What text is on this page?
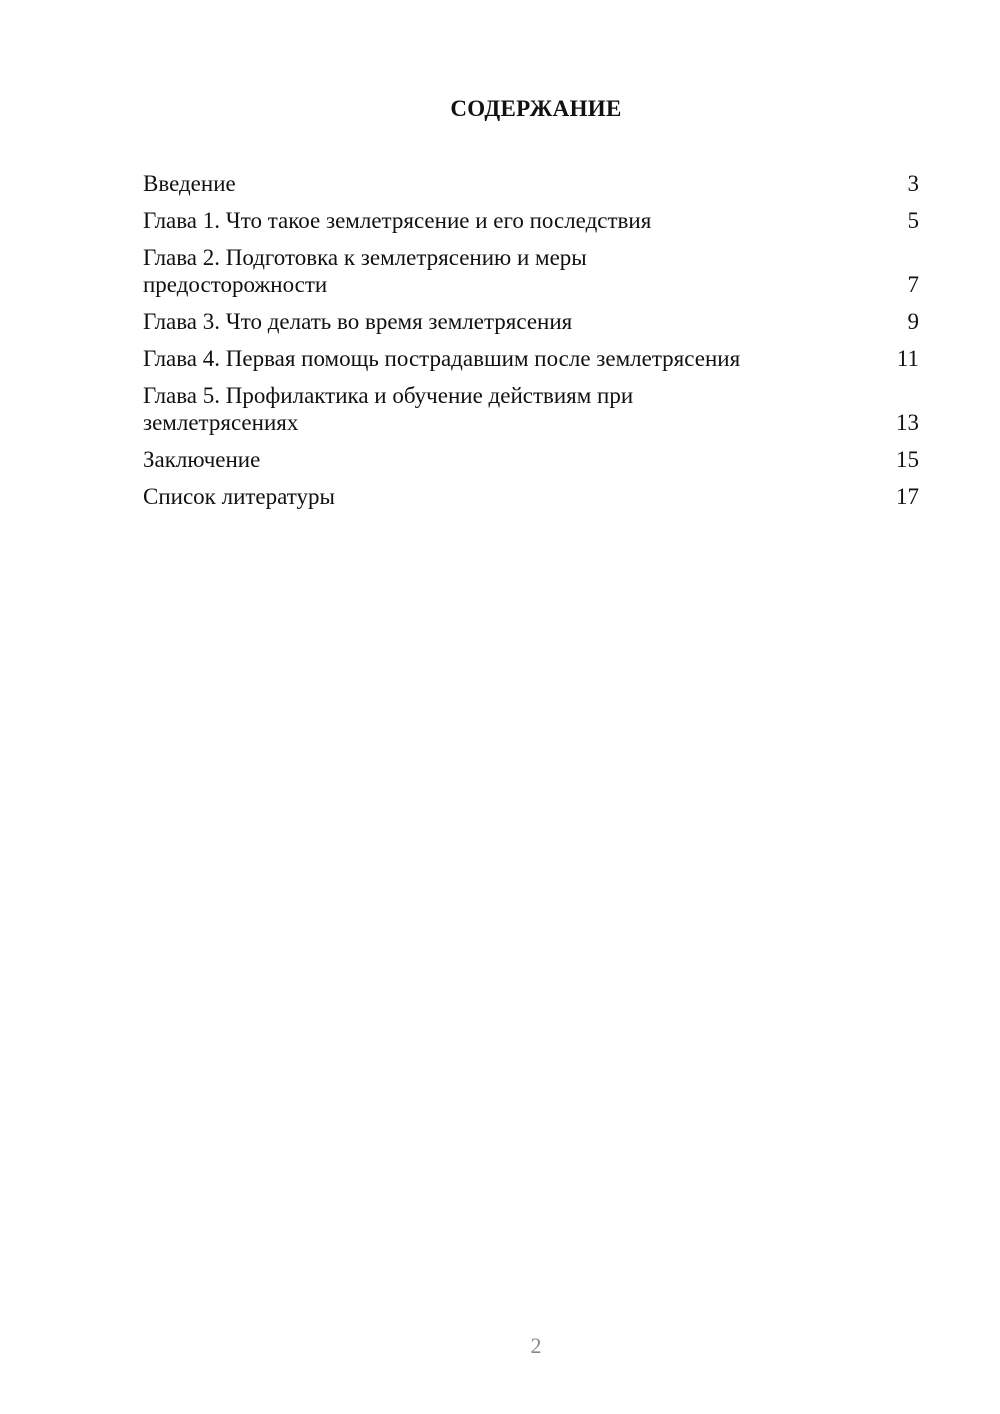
СОДЕРЖАНИЕ
Введение	3
Глава 1. Что такое землетрясение и его последствия	5
Глава 2. Подготовка к землетрясению и меры предосторожности	7
Глава 3. Что делать во время землетрясения	9
Глава 4. Первая помощь пострадавшим после землетрясения	11
Глава 5. Профилактика и обучение действиям при землетрясениях	13
Заключение	15
Список литературы	17
2
